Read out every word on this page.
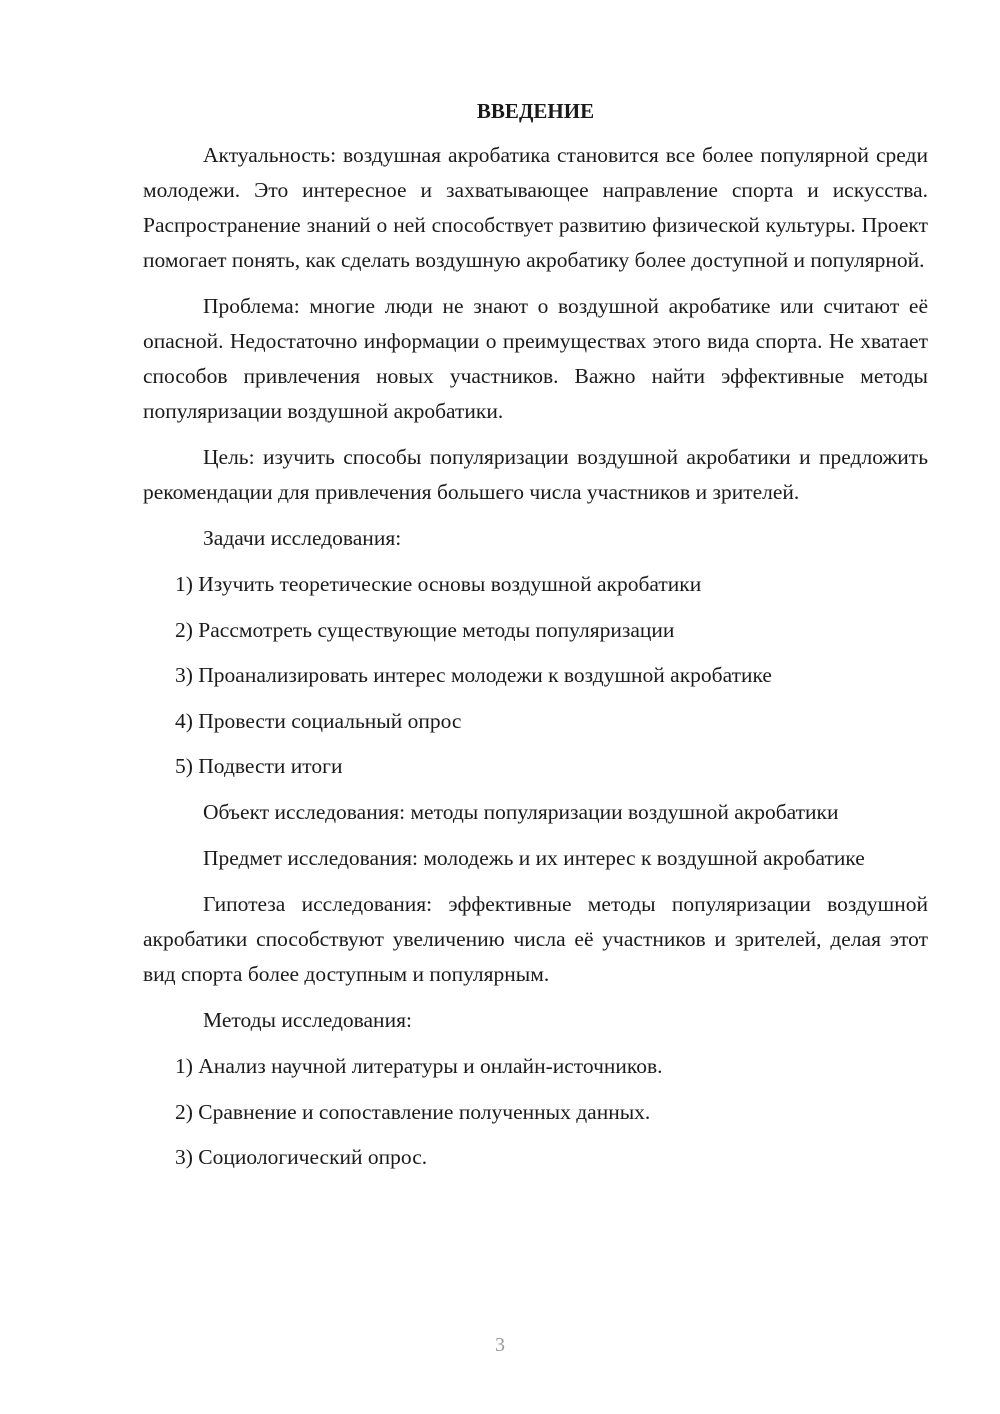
ВВЕДЕНИЕ

Актуальность: воздушная акробатика становится все более популярной среди молодежи. Это интересное и захватывающее направление спорта и искусства. Распространение знаний о ней способствует развитию физической культуры. Проект помогает понять, как сделать воздушную акробатику более доступной и популярной.

Проблема: многие люди не знают о воздушной акробатике или считают её опасной. Недостаточно информации о преимуществах этого вида спорта. Не хватает способов привлечения новых участников. Важно найти эффективные методы популяризации воздушной акробатики.

Цель: изучить способы популяризации воздушной акробатики и предложить рекомендации для привлечения большего числа участников и зрителей.

Задачи исследования:
1) Изучить теоретические основы воздушной акробатики
2) Рассмотреть существующие методы популяризации
3) Проанализировать интерес молодежи к воздушной акробатике
4) Провести социальный опрос
5) Подвести итоги

Объект исследования: методы популяризации воздушной акробатики

Предмет исследования: молодежь и их интерес к воздушной акробатике

Гипотеза исследования: эффективные методы популяризации воздушной акробатики способствуют увеличению числа её участников и зрителей, делая этот вид спорта более доступным и популярным.

Методы исследования:
1) Анализ научной литературы и онлайн-источников.
2) Сравнение и сопоставление полученных данных.
3) Социологический опрос.
3
